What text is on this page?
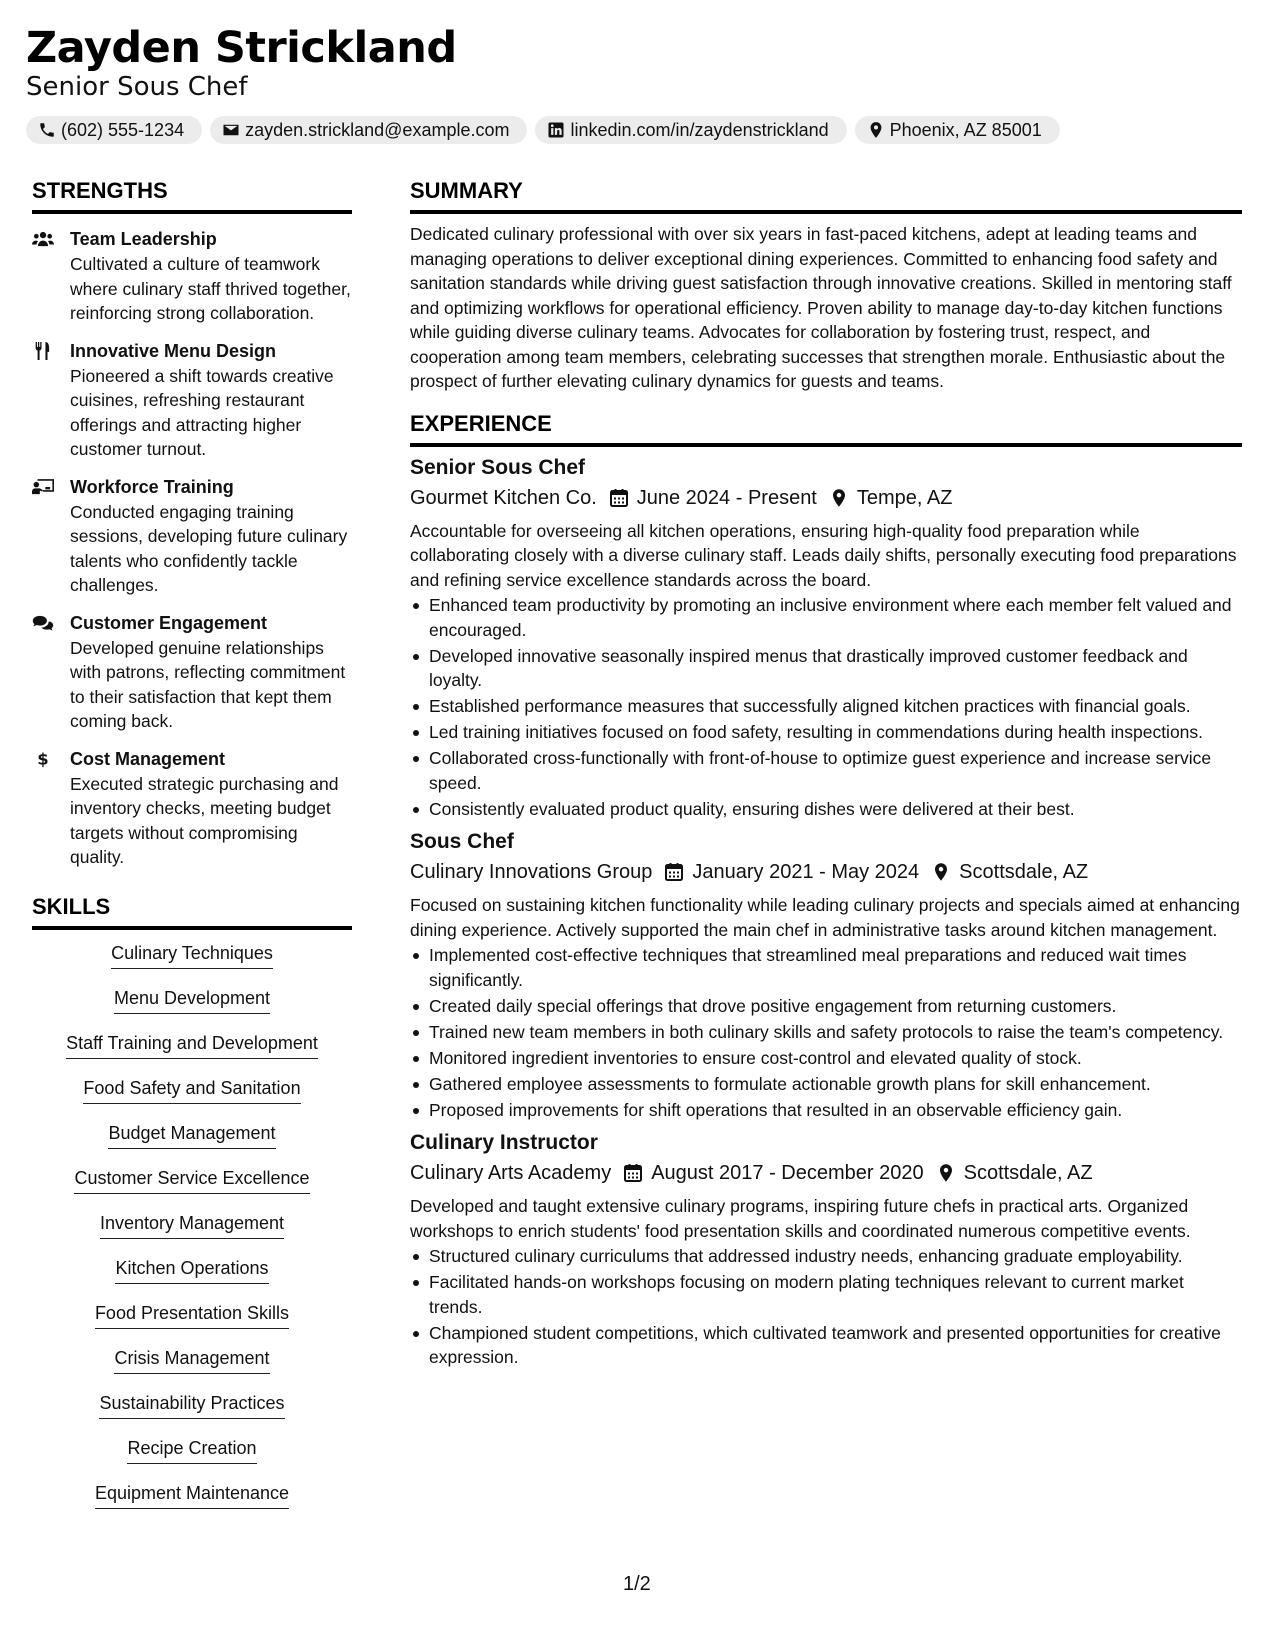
Zayden Strickland
Senior Sous Chef
(602) 555-1234	zayden.strickland@example.com	linkedin.com/in/zaydenstrickland	Phoenix, AZ 85001
STRENGTHS
Team Leadership
Cultivated a culture of teamwork where culinary staff thrived together, reinforcing strong collaboration.
Innovative Menu Design
Pioneered a shift towards creative cuisines, refreshing restaurant offerings and attracting higher customer turnout.
Workforce Training
Conducted engaging training sessions, developing future culinary talents who confidently tackle challenges.
Customer Engagement
Developed genuine relationships with patrons, reflecting commitment to their satisfaction that kept them coming back.
$ Cost Management
Executed strategic purchasing and inventory checks, meeting budget targets without compromising quality.
SKILLS
Culinary Techniques
Menu Development
Staff Training and Development
Food Safety and Sanitation
Budget Management
Customer Service Excellence
Inventory Management
Kitchen Operations
Food Presentation Skills
Crisis Management
Sustainability Practices
Recipe Creation
Equipment Maintenance
SUMMARY
Dedicated culinary professional with over six years in fast-paced kitchens, adept at leading teams and managing operations to deliver exceptional dining experiences. Committed to enhancing food safety and sanitation standards while driving guest satisfaction through innovative creations. Skilled in mentoring staff and optimizing workflows for operational efficiency. Proven ability to manage day-to-day kitchen functions while guiding diverse culinary teams. Advocates for collaboration by fostering trust, respect, and cooperation among team members, celebrating successes that strengthen morale. Enthusiastic about the prospect of further elevating culinary dynamics for guests and teams.
EXPERIENCE
Senior Sous Chef
Gourmet Kitchen Co. June 2024 - Present Tempe, AZ
Accountable for overseeing all kitchen operations, ensuring high-quality food preparation while collaborating closely with a diverse culinary staff. Leads daily shifts, personally executing food preparations and refining service excellence standards across the board.
Enhanced team productivity by promoting an inclusive environment where each member felt valued and encouraged.
Developed innovative seasonally inspired menus that drastically improved customer feedback and loyalty.
Established performance measures that successfully aligned kitchen practices with financial goals.
Led training initiatives focused on food safety, resulting in commendations during health inspections.
Collaborated cross-functionally with front-of-house to optimize guest experience and increase service speed.
Consistently evaluated product quality, ensuring dishes were delivered at their best.
Sous Chef
Culinary Innovations Group January 2021 - May 2024 Scottsdale, AZ
Focused on sustaining kitchen functionality while leading culinary projects and specials aimed at enhancing dining experience. Actively supported the main chef in administrative tasks around kitchen management.
Implemented cost-effective techniques that streamlined meal preparations and reduced wait times significantly.
Created daily special offerings that drove positive engagement from returning customers.
Trained new team members in both culinary skills and safety protocols to raise the team's competency.
Monitored ingredient inventories to ensure cost-control and elevated quality of stock.
Gathered employee assessments to formulate actionable growth plans for skill enhancement.
Proposed improvements for shift operations that resulted in an observable efficiency gain.
Culinary Instructor
Culinary Arts Academy August 2017 - December 2020 Scottsdale, AZ
Developed and taught extensive culinary programs, inspiring future chefs in practical arts. Organized workshops to enrich students' food presentation skills and coordinated numerous competitive events.
Structured culinary curriculums that addressed industry needs, enhancing graduate employability.
Facilitated hands-on workshops focusing on modern plating techniques relevant to current market trends.
Championed student competitions, which cultivated teamwork and presented opportunities for creative expression.
1/2
